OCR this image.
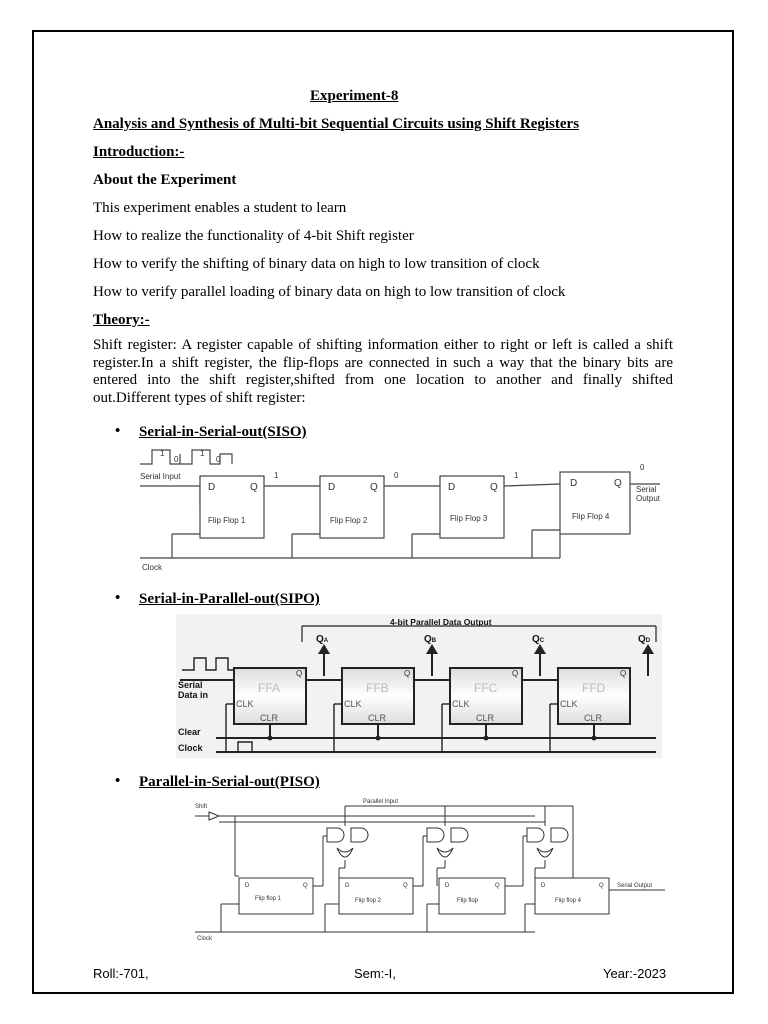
Experiment-8
Analysis and Synthesis of Multi-bit Sequential Circuits using Shift Registers
Introduction:-
About the Experiment
This experiment enables a student to learn
How to realize the functionality of 4-bit Shift register
How to verify the shifting of binary data on high to low transition of clock
How to verify parallel loading of binary data on high to low transition of clock
Theory:-
Shift register: A register capable of shifting information either to right or left is called a shift register.In a shift register, the flip-flops are connected in such a way that the binary bits are entered into the shift register,shifted from one location to another and finally shifted out.Different types of shift register:
• Serial-in-Serial-out(SISO)
1
0
1
0
Serial Input	1	0	1
0
Serial
Output
Clock
D	Q	D	Q	D	Q	D	Q
Flip Flop 1	Flip Flop 2	Flip Flop 3	Flip Flop 4
• Serial-in-Parallel-out(SIPO)
4-bit Parallel Data Output
QA	QB	QC	QD
FFA	FFB	FFC	FFD
Q	Q	Q	Q
CLK	CLK	CLK	CLK
CLR	CLR	CLR	CLR
Serial
Data in
Clear
Clock
• Parallel-in-Serial-out(PISO)
Shift
Parallel Input
Flip flop 1	Flip flop 2	Flip flop	Flip flop 4
Serial Output
Clock
D	Q	D	Q	D	Q	D	Q
Roll:-701,	Sem:-I,	Year:-2023
